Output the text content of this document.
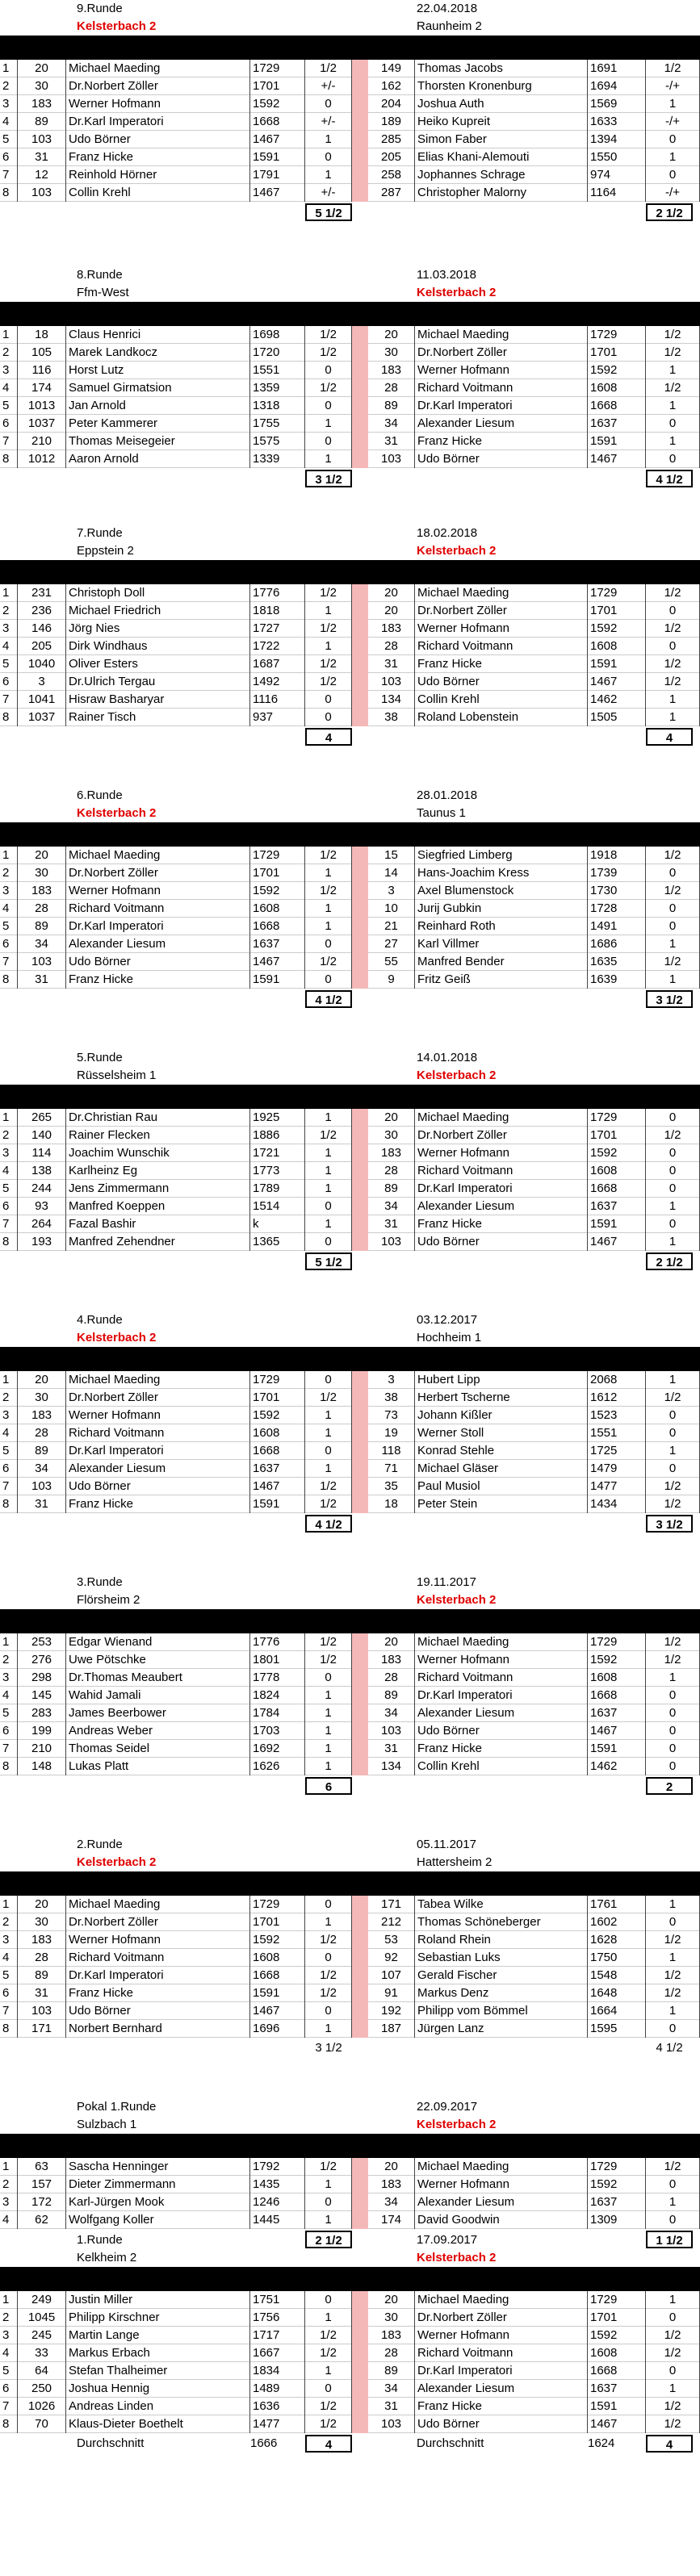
9.Runde
Kelsterbach 2
22.04.2018
Raunheim 2
1	20	Michael Maeding	1729	1/2	149	Thomas Jacobs	1691	1/2
2	30	Dr.Norbert Zöller	1701	+/-	162	Thorsten Kronenburg	1694	-/+
3	183	Werner Hofmann	1592	0	204	Joshua Auth	1569	1
4	89	Dr.Karl Imperatori	1668	+/-	189	Heiko Kupreit	1633	-/+
5	103	Udo Börner	1467	1	285	Simon Faber	1394	0
6	31	Franz Hicke	1591	0	205	Elias Khani-Alemouti	1550	1
7	12	Reinhold Hörner	1791	1	258	Jophannes Schrage	974	0
8	103	Collin Krehl	1467	+/-	287	Christopher Malorny	1164	-/+
5 1/2	2 1/2
8.Runde
Ffm-West
11.03.2018
Kelsterbach 2
1	18	Claus Henrici	1698	1/2	20	Michael Maeding	1729	1/2
2	105	Marek Landkocz	1720	1/2	30	Dr.Norbert Zöller	1701	1/2
3	116	Horst Lutz	1551	0	183	Werner Hofmann	1592	1
4	174	Samuel Girmatsion	1359	1/2	28	Richard Voitmann	1608	1/2
5	1013	Jan Arnold	1318	0	89	Dr.Karl Imperatori	1668	1
6	1037	Peter Kammerer	1755	1	34	Alexander Liesum	1637	0
7	210	Thomas Meisegeier	1575	0	31	Franz Hicke	1591	1
8	1012	Aaron Arnold	1339	1	103	Udo Börner	1467	0
3 1/2	4 1/2
7.Runde
Eppstein 2
18.02.2018
Kelsterbach 2
1	231	Christoph Doll	1776	1/2	20	Michael Maeding	1729	1/2
2	236	Michael Friedrich	1818	1	20	Dr.Norbert Zöller	1701	0
3	146	Jörg Nies	1727	1/2	183	Werner Hofmann	1592	1/2
4	205	Dirk Windhaus	1722	1	28	Richard Voitmann	1608	0
5	1040	Oliver Esters	1687	1/2	31	Franz Hicke	1591	1/2
6	3	Dr.Ulrich Tergau	1492	1/2	103	Udo Börner	1467	1/2
7	1041	Hisraw Basharyar	1116	0	134	Collin Krehl	1462	1
8	1037	Rainer Tisch	937	0	38	Roland Lobenstein	1505	1
4	4
6.Runde
Kelsterbach 2
28.01.2018
Taunus 1
1	20	Michael Maeding	1729	1/2	15	Siegfried Limberg	1918	1/2
2	30	Dr.Norbert Zöller	1701	1	14	Hans-Joachim Kress	1739	0
3	183	Werner Hofmann	1592	1/2	3	Axel Blumenstock	1730	1/2
4	28	Richard Voitmann	1608	1	10	Jurij Gubkin	1728	0
5	89	Dr.Karl Imperatori	1668	1	21	Reinhard Roth	1491	0
6	34	Alexander Liesum	1637	0	27	Karl Villmer	1686	1
7	103	Udo Börner	1467	1/2	55	Manfred Bender	1635	1/2
8	31	Franz Hicke	1591	0	9	Fritz Geiß	1639	1
4 1/2	3 1/2
5.Runde
Rüsselsheim 1
14.01.2018
Kelsterbach 2
1	265	Dr.Christian Rau	1925	1	20	Michael Maeding	1729	0
2	140	Rainer Flecken	1886	1/2	30	Dr.Norbert Zöller	1701	1/2
3	114	Joachim Wunschik	1721	1	183	Werner Hofmann	1592	0
4	138	Karlheinz Eg	1773	1	28	Richard Voitmann	1608	0
5	244	Jens Zimmermann	1789	1	89	Dr.Karl Imperatori	1668	0
6	93	Manfred Koeppen	1514	0	34	Alexander Liesum	1637	1
7	264	Fazal Bashir	k	1	31	Franz Hicke	1591	0
8	193	Manfred Zehendner	1365	0	103	Udo Börner	1467	1
5 1/2	2 1/2
4.Runde
Kelsterbach 2
03.12.2017
Hochheim 1
1	20	Michael Maeding	1729	0	3	Hubert Lipp	2068	1
2	30	Dr.Norbert Zöller	1701	1/2	38	Herbert Tscherne	1612	1/2
3	183	Werner Hofmann	1592	1	73	Johann Kißler	1523	0
4	28	Richard Voitmann	1608	1	19	Werner Stoll	1551	0
5	89	Dr.Karl Imperatori	1668	0	118	Konrad Stehle	1725	1
6	34	Alexander Liesum	1637	1	71	Michael Gläser	1479	0
7	103	Udo Börner	1467	1/2	35	Paul Musiol	1477	1/2
8	31	Franz Hicke	1591	1/2	18	Peter Stein	1434	1/2
4 1/2	3 1/2
3.Runde
Flörsheim 2
19.11.2017
Kelsterbach 2
1	253	Edgar Wienand	1776	1/2	20	Michael Maeding	1729	1/2
2	276	Uwe Pötschke	1801	1/2	183	Werner Hofmann	1592	1/2
3	298	Dr.Thomas Meaubert	1778	0	28	Richard Voitmann	1608	1
4	145	Wahid Jamali	1824	1	89	Dr.Karl Imperatori	1668	0
5	283	James Beerbower	1784	1	34	Alexander Liesum	1637	0
6	199	Andreas Weber	1703	1	103	Udo Börner	1467	0
7	210	Thomas Seidel	1692	1	31	Franz Hicke	1591	0
8	148	Lukas Platt	1626	1	134	Collin Krehl	1462	0
6	2
2.Runde
Kelsterbach 2
05.11.2017
Hattersheim 2
1	20	Michael Maeding	1729	0	171	Tabea Wilke	1761	1
2	30	Dr.Norbert Zöller	1701	1	212	Thomas Schöneberger	1602	0
3	183	Werner Hofmann	1592	1/2	53	Roland Rhein	1628	1/2
4	28	Richard Voitmann	1608	0	92	Sebastian Luks	1750	1
5	89	Dr.Karl Imperatori	1668	1/2	107	Gerald Fischer	1548	1/2
6	31	Franz Hicke	1591	1/2	91	Markus Denz	1648	1/2
7	103	Udo Börner	1467	0	192	Philipp vom Bömmel	1664	1
8	171	Norbert Bernhard	1696	1	187	Jürgen Lanz	1595	0
3 1/2	4 1/2
Pokal 1.Runde
Sulzbach 1
22.09.2017
Kelsterbach 2
1	63	Sascha Henninger	1792	1/2	20	Michael Maeding	1729	1/2
2	157	Dieter Zimmermann	1435	1	183	Werner Hofmann	1592	0
3	172	Karl-Jürgen Mook	1246	0	34	Alexander Liesum	1637	1
4	62	Wolfgang Koller	1445	1	174	David Goodwin	1309	0
2 1/2	1 1/2
1.Runde
Kelkheim 2
17.09.2017
Kelsterbach 2
1	249	Justin Miller	1751	0	20	Michael Maeding	1729	1
2	1045	Philipp Kirschner	1756	1	30	Dr.Norbert Zöller	1701	0
3	245	Martin Lange	1717	1/2	183	Werner Hofmann	1592	1/2
4	33	Markus Erbach	1667	1/2	28	Richard Voitmann	1608	1/2
5	64	Stefan Thalheimer	1834	1	89	Dr.Karl Imperatori	1668	0
6	250	Joshua Hennig	1489	0	34	Alexander Liesum	1637	1
7	1026	Andreas Linden	1636	1/2	31	Franz Hicke	1591	1/2
8	70	Klaus-Dieter Boethelt	1477	1/2	103	Udo Börner	1467	1/2
Durchschnitt	1666	Durchschnitt	1624
4	4
